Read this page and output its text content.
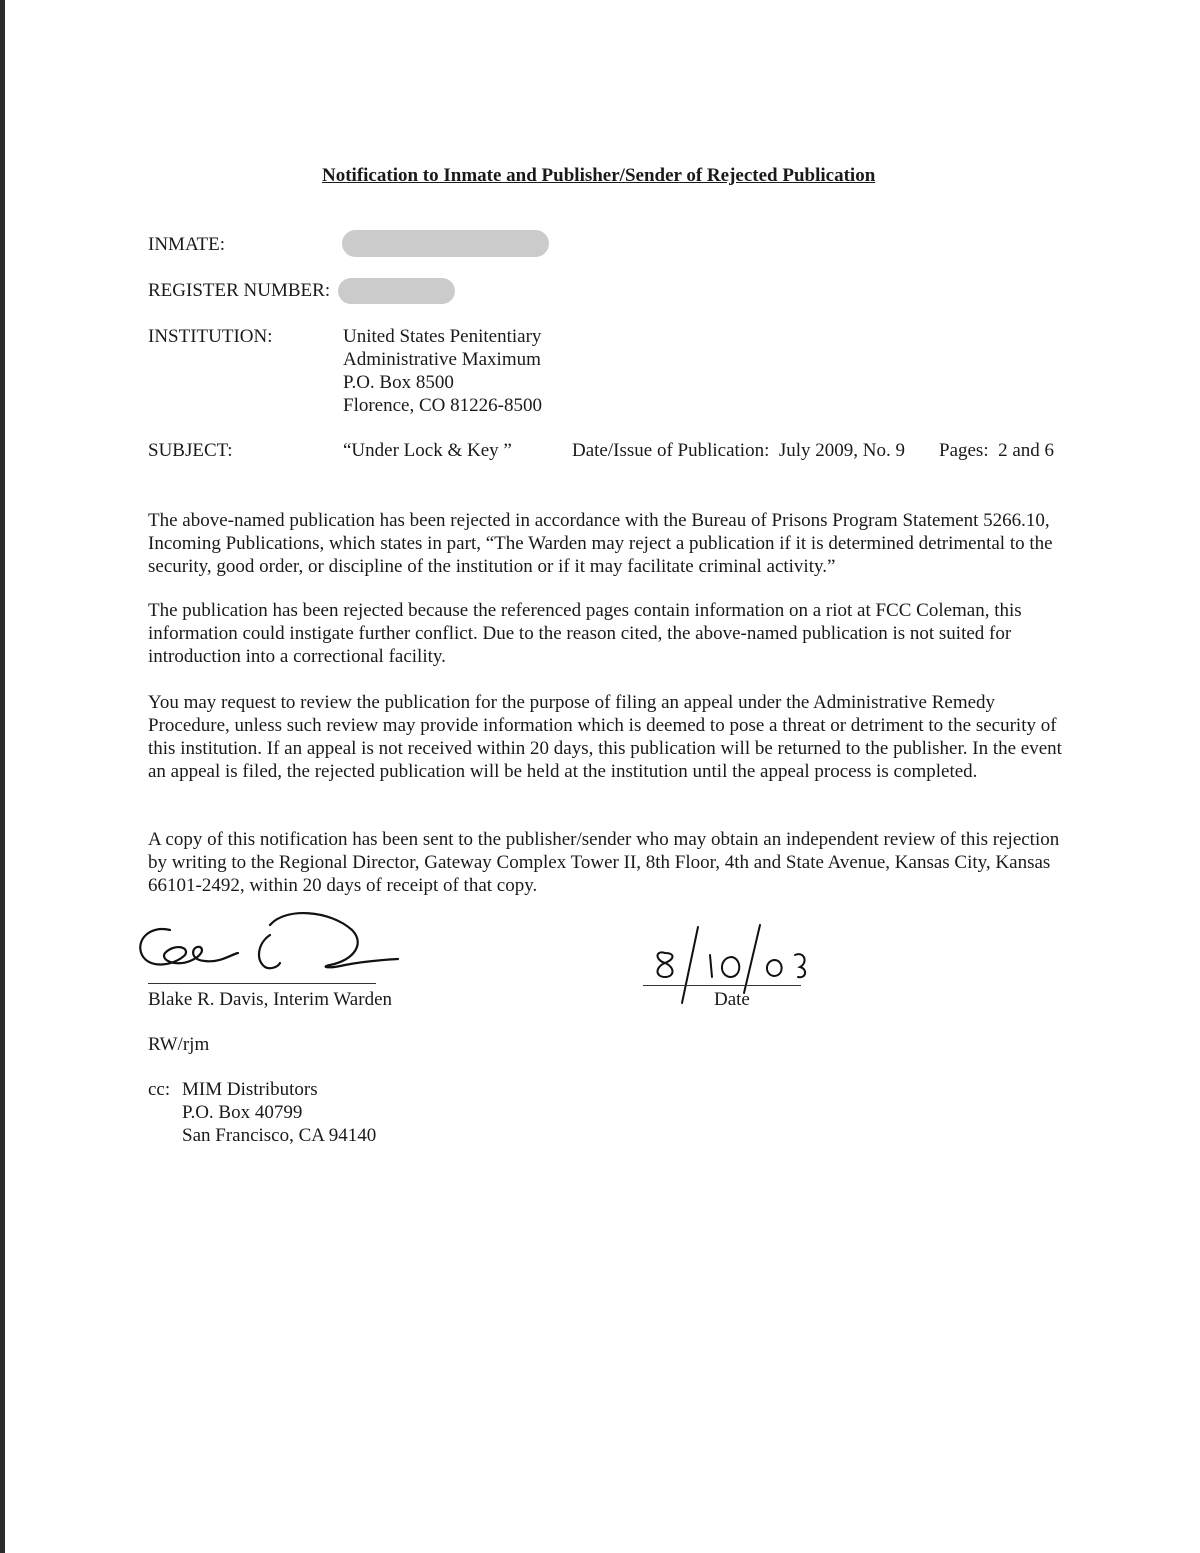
Notification to Inmate and Publisher/Sender of Rejected Publication
INMATE:
REGISTER NUMBER:
INSTITUTION:	United States Penitentiary
Administrative Maximum
P.O. Box 8500
Florence, CO 81226-8500
SUBJECT:	“Under Lock & Key ”	Date/Issue of Publication:  July 2009, No. 9 Pages:  2 and 6
The above-named publication has been rejected in accordance with the Bureau of Prisons Program Statement 5266.10, Incoming Publications, which states in part, “The Warden may reject a publication if it is determined detrimental to the security, good order, or discipline of the institution or if it may facilitate criminal activity.”
The publication has been rejected because the referenced pages contain information on a riot at FCC Coleman, this information could instigate further conflict. Due to the reason cited, the above-named publication is not suited for introduction into a correctional facility.
You may request to review the publication for the purpose of filing an appeal under the Administrative Remedy Procedure, unless such review may provide information which is deemed to pose a threat or detriment to the security of this institution. If an appeal is not received within 20 days, this publication will be returned to the publisher. In the event an appeal is filed, the rejected publication will be held at the institution until the appeal process is completed.
A copy of this notification has been sent to the publisher/sender who may obtain an independent review of this rejection by writing to the Regional Director, Gateway Complex Tower II, 8th Floor, 4th and State Avenue, Kansas City, Kansas 66101-2492, within 20 days of receipt of that copy.
Blake R. Davis, Interim Warden	Date
RW/rjm
cc: MIM Distributors
P.O. Box 40799
San Francisco, CA 94140
